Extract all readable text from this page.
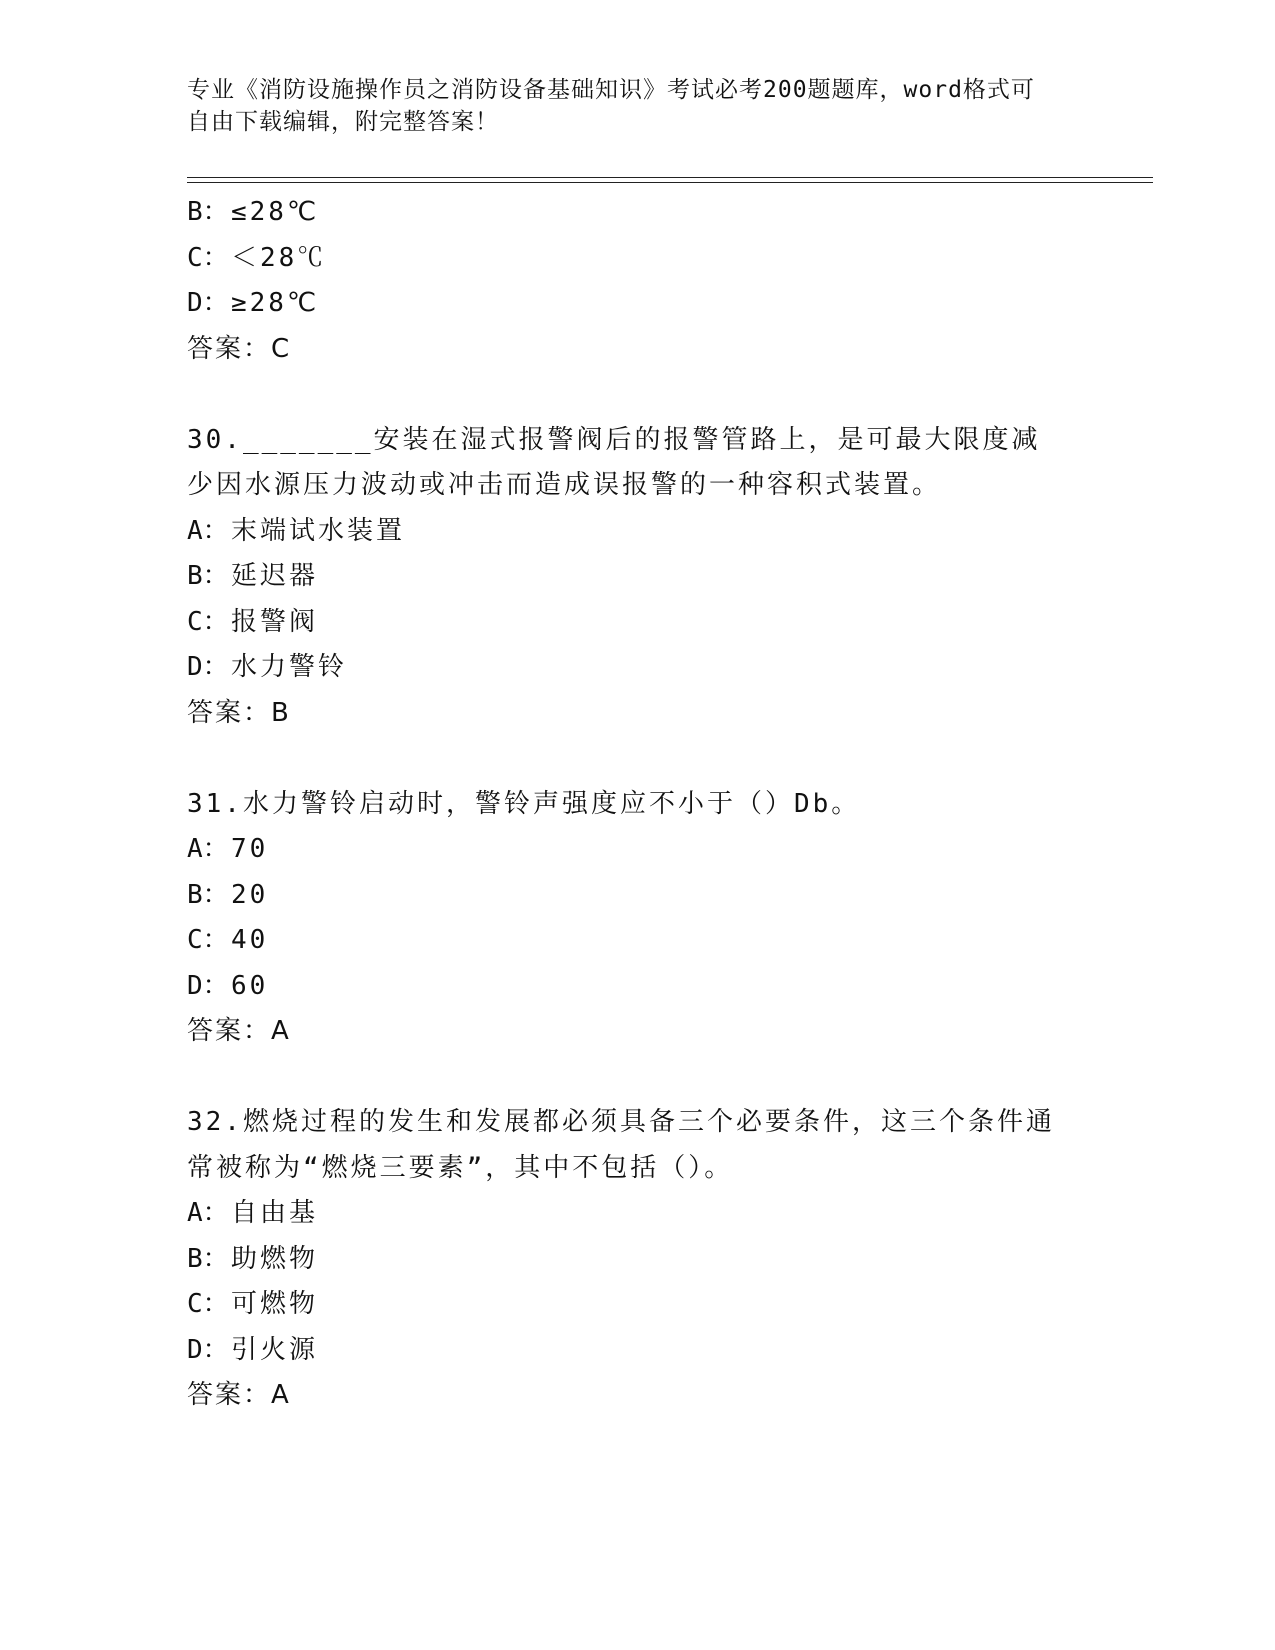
专业《消防设施操作员之消防设备基础知识》考试必考200题题库，word格式可
自由下载编辑，附完整答案！
B：≤28℃
C：＜28℃
D：≥28℃
答案：C
30._______安装在湿式报警阀后的报警管路上，是可最大限度减少因水源压力波动或冲击而造成误报警的一种容积式装置。
A：末端试水装置
B：延迟器
C：报警阀
D：水力警铃
答案：B
31.水力警铃启动时，警铃声强度应不小于（）Db。
A：70
B：20
C：40
D：60
答案：A
32.燃烧过程的发生和发展都必须具备三个必要条件，这三个条件通常被称为“燃烧三要素”，其中不包括（）。
A：自由基
B：助燃物
C：可燃物
D：引火源
答案：A
